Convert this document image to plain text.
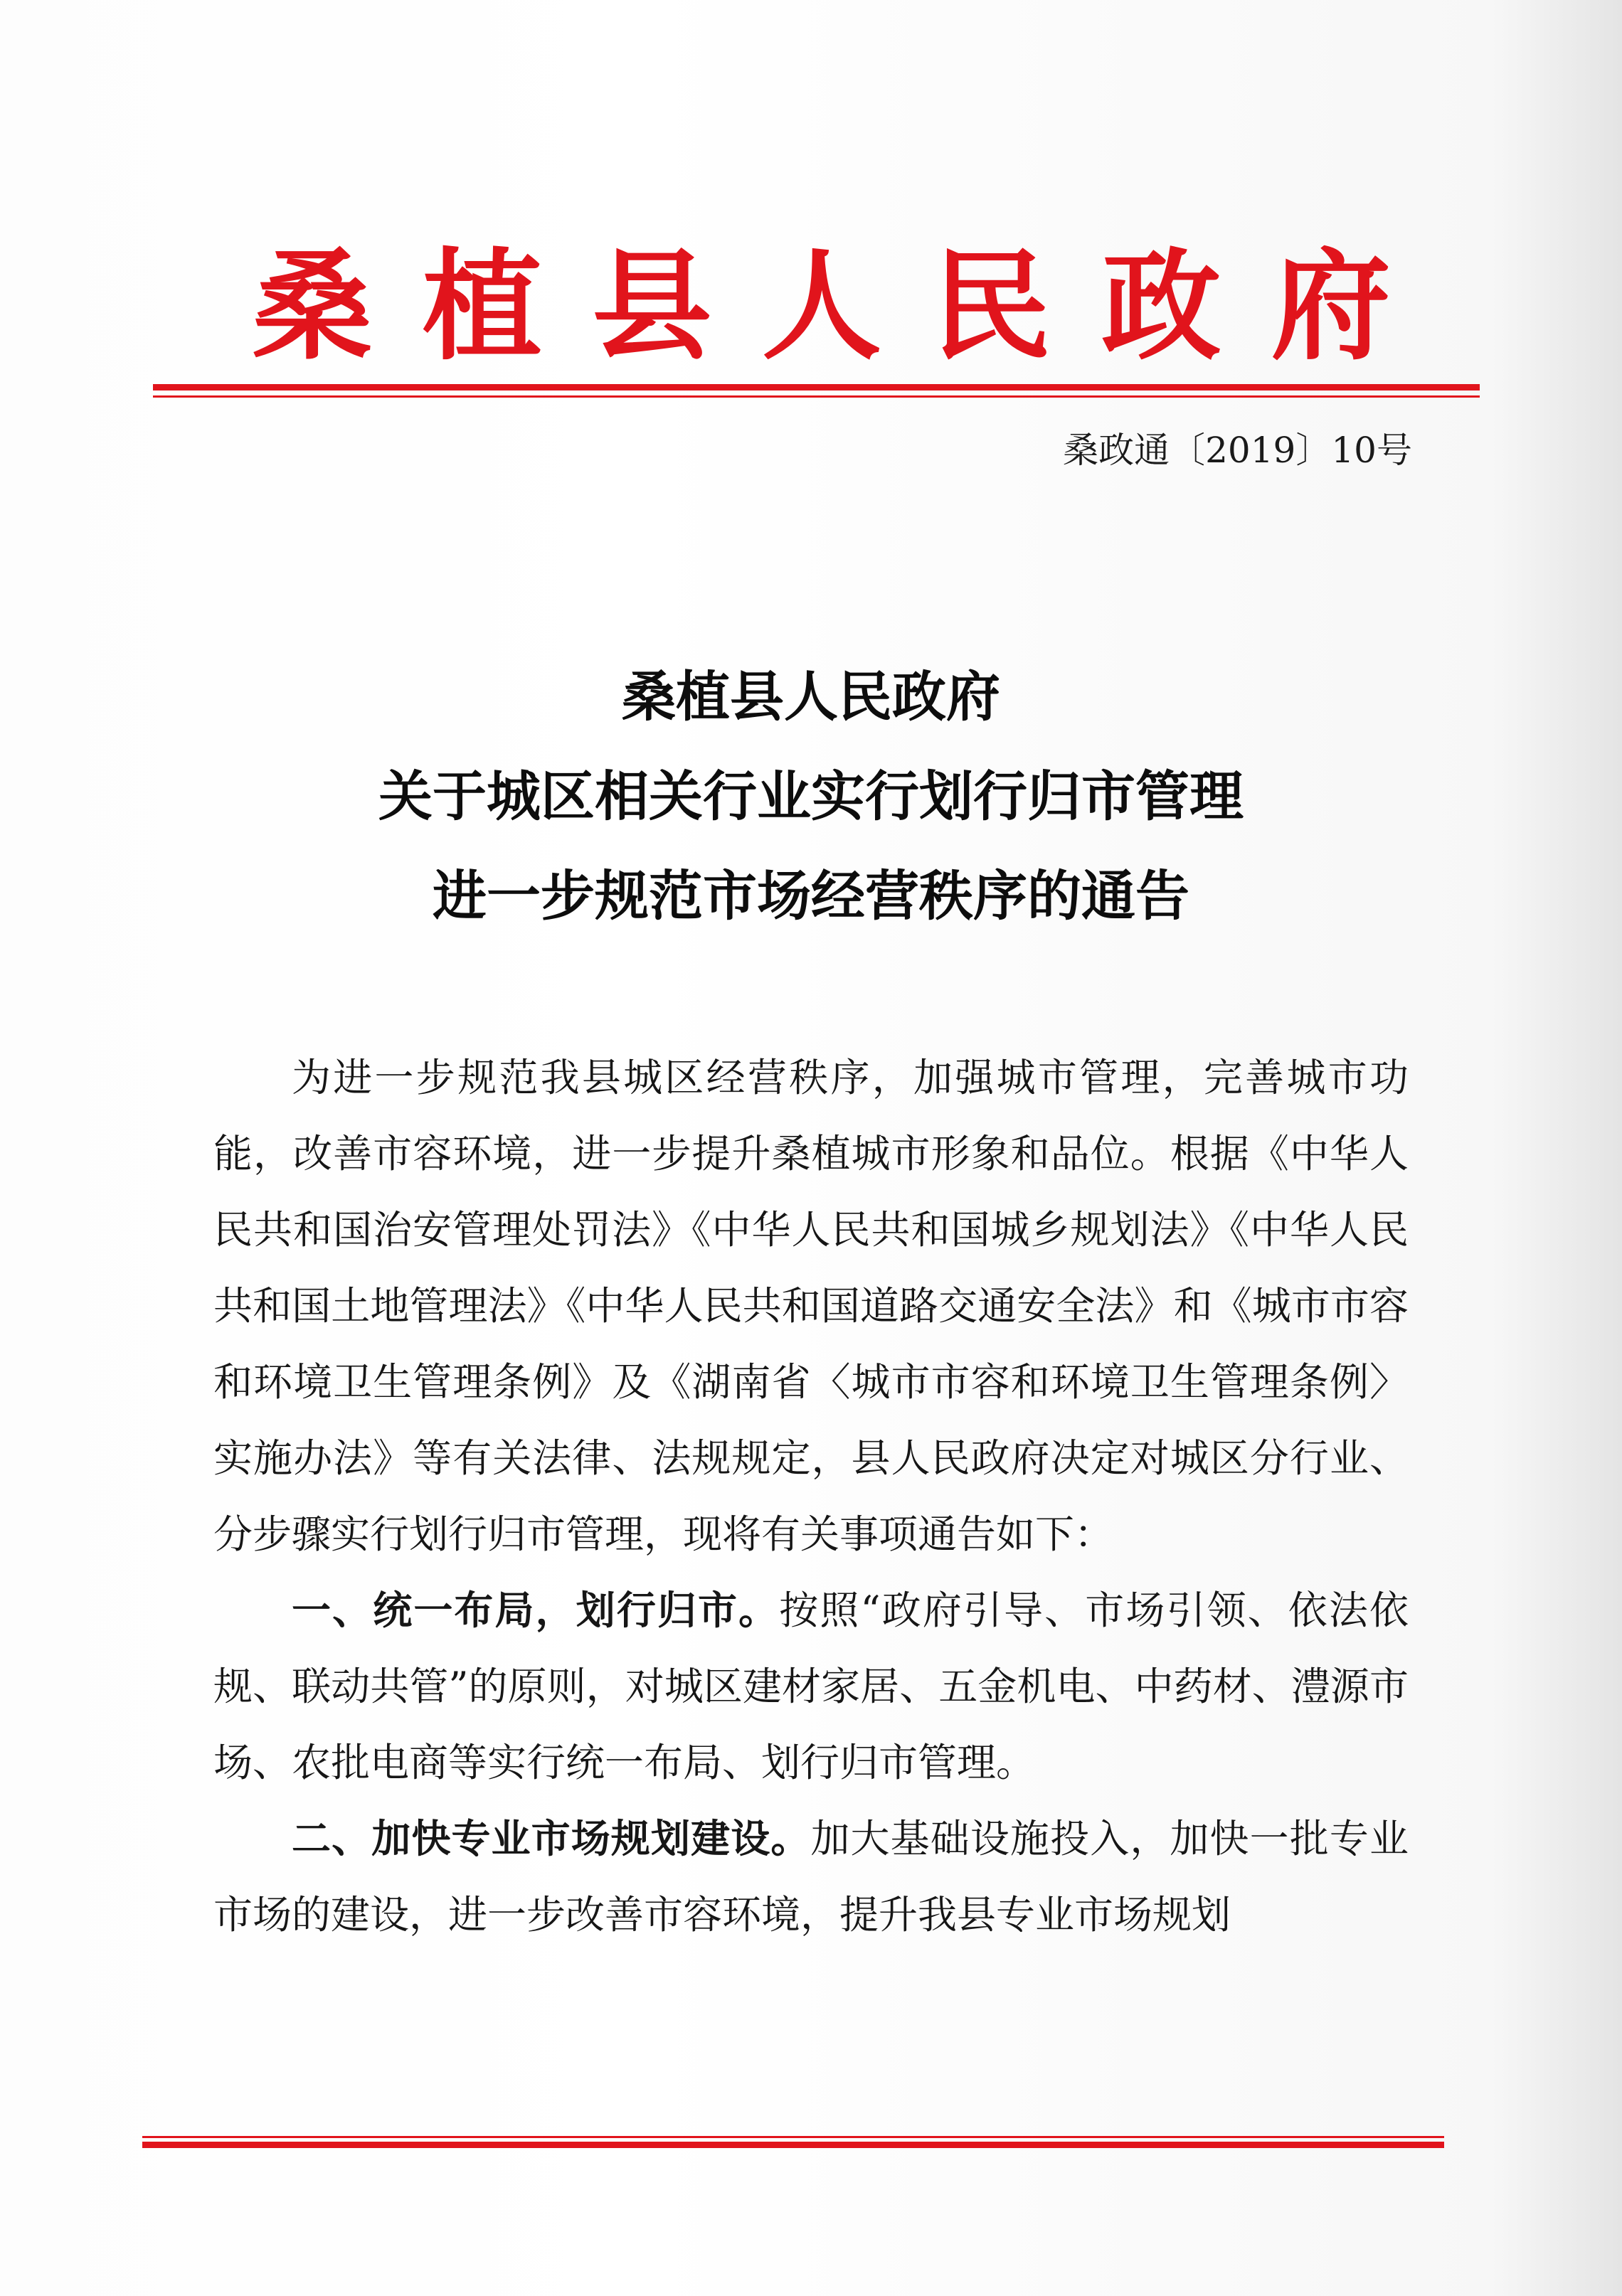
桑 植 县 人 民 政 府
桑政通〔2019〕10号
桑植县人民政府
关于城区相关行业实行划行归市管理
进一步规范市场经营秩序的通告

为进一步规范我县城区经营秩序，加强城市管理，完善城市功能，改善市容环境，进一步提升桑植城市形象和品位。根据《中华人民共和国治安管理处罚法》《中华人民共和国城乡规划法》《中华人民共和国土地管理法》《中华人民共和国道路交通安全法》和《城市市容和环境卫生管理条例》及《湖南省〈城市市容和环境卫生管理条例〉实施办法》等有关法律、法规规定，县人民政府决定对城区分行业、分步骤实行划行归市管理，现将有关事项通告如下：

一、统一布局，划行归市。按照“政府引导、市场引领、依法依规、联动共管”的原则，对城区建材家居、五金机电、中药材、澧源市场、农批电商等实行统一布局、划行归市管理。

二、加快专业市场规划建设。加大基础设施投入，加快一批专业市场的建设，进一步改善市容环境，提升我县专业市场规划
